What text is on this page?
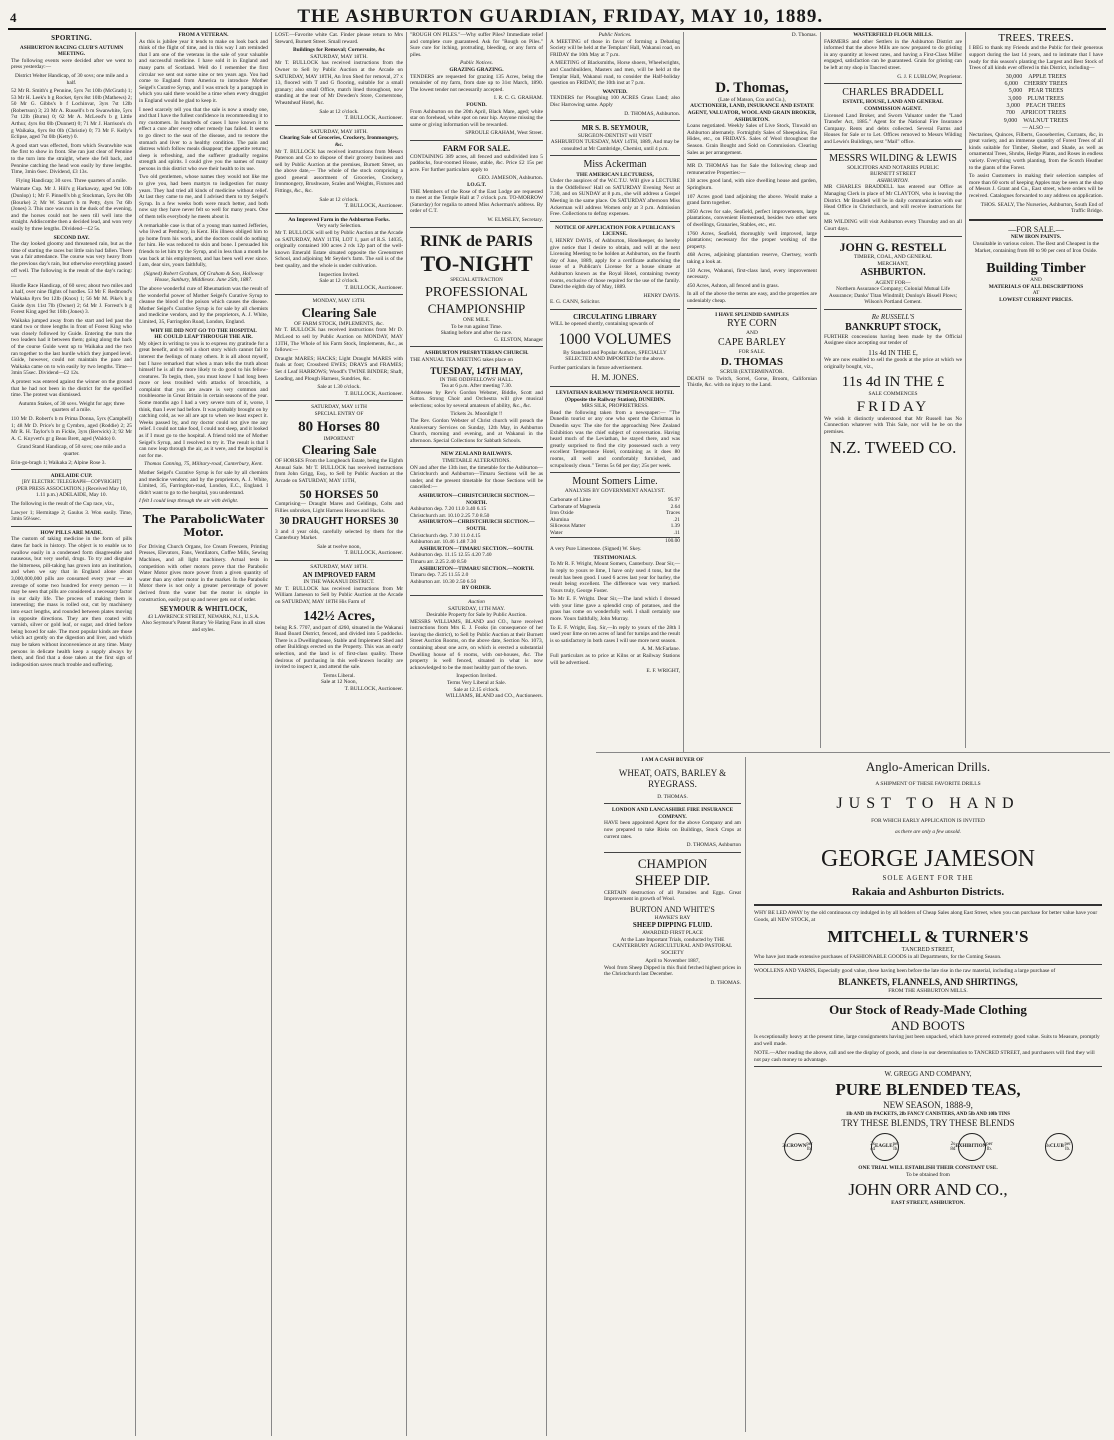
4	THE ASHBURTON GUARDIAN, FRIDAY, MAY 10, 1889.
SPORTING.
ASHBURTON RACING CLUB'S AUTUMN MEETING.

The following events were decided after we went to press yesterday:—

District Welter Handicap, of 30 sovs; one mile and a half.

52 Mr R. Smith's g Pennine, 5yrs 7st 10lb (McGrath) 1; 53 Mr H. Leek's b g Rocket, 6yrs 8st 10lb (Mathews) 2; 50 Mr G. Gibbs's b f Lochinvar, 3yrs 7st 12lb (Robertson) 3; 23 Mr A. Russell's b m Swanwhite, 5yrs 7st 12lb (Burns) 0; 62 Mr A. McLeod's b g Little Arthur, 4yrs 8st 0lb (Dunnett) 0; 71 Mr J. Harrison's ch g Waikaka, 6yrs 8st 0lb (Christie) 0; 73 Mr F. Kelly's Eclipse, aged 7st 0lb (Ketty) 0.

A good start was effected, from which Swanwhite was the first to show in front. She ran just clear of Pennine to the turn into the straight, where she fell back, and Pennine catching the head won easily by three lengths. Time, 3min 6sec. Dividend, £3 13s.

Flying Handicap; 30 sovs. Three quarters of a mile.

Waimate Cup. Mr J. Hill's g Harkaway, aged 9st 10lb (Dunlop) 1; Mr F. Pinnell's bh g Stockman, 5yrs 8st 0lb (Bourke) 2; Mr W. Stuart's b m Petty, 4yrs 7st 6lb (Jones) 3. This race was run in the dusk of the evening, and the horses could not be seen till well into the straight. Addiscombe then a decided lead, and won very easily by three lengths. Dividend—£2 5s.

SECOND DAY.

The day looked gloomy and threatened rain, but as the time of starting the races but little rain had fallen. There was a fair attendance. The course was very heavy from the previous day's rain, but otherwise everything passed off well. The following is the result of the day's racing:—

Hurdle Race Handicap, of 60 sovs; about two miles and a half, over nine flights of hurdles. 53 Mr F. Redmond's Waikaka 8yrs 9st 12lb (Knox) 1; 56 Mr M. Pike's b g Guide 4yrs 11st 7lb (Owner) 2; 64 Mr J. Forrest's b g Forest King aged 9st 10lb (Jones) 3.

Waikaka jumped away from the start and led past the stand two or three lengths in front of Forest King who was closely followed by Guide. Entering the turn the two leaders had it between them; going along the back of the course Guide went up to Waikaka and the two ran together to the last hurdle which they jumped level. Guide, however, could not maintain the pace and Waikaka came on to win easily by two lengths. Time—3min 55sec. Dividend—£2 12s.

A protest was entered against the winner on the ground that he had not been in the district for the specified time. The protest was dismissed.

Autumn Stakes, of 30 sovs. Weight for age; three quarters of a mile.

110 Mr D. Robert's b m Prima Donna, 5yrs (Campbell) 1; 48 Mr D. Price's br g Cymbro, aged (Roddie) 2; 25 Mr R. H. Taylor's b m Fickle, 3yrs (Berwick) 3; 92 Mr A. C. Knyvett's gr g Beau Brett, aged (Waldo) 0.

Grand Stand Handicap, of 50 sovs; one mile and a quarter.

Erin-go-bragh 1; Waikaka 2; Alpine Rose 3.

ADELAIDE CUP.
[BY ELECTRIC TELEGRAPH—COPYRIGHT]

(PER PRESS ASSOCIATION.) (Received May 10, 1.11 p.m.) ADELAIDE, May 10.

The following is the result of the Cup race, viz.,

Lawyer 1; Hermitage 2; Gaulus 3. Won easily. Time, 3min 56¼sec.

HOW PILLS ARE MADE.

The custom of taking medicine in the form of pills dates far back in history. The object is to enable us to swallow easily in a condensed form disagreeable and nauseous, but very useful, drugs. To try and disguise the bitterness, pill-taking has grown into an institution, and when we say that in England alone about 3,000,000,000 pills are consumed every year — an average of some two hundred for every person — it may be seen that pills are considered a necessary factor in our daily life. The process of making them is interesting; the mass is rolled out, cut by machinery into exact lengths, and rounded between plates moving in opposite directions. They are then coated with varnish, silver or gold leaf, or sugar, and dried before being boxed for sale. The most popular kinds are those which act gently on the digestion and liver, and which may be taken without inconvenience at any time. Many persons in delicate health keep a supply always by them, and find that a dose taken at the first sign of indisposition saves much trouble and suffering.

FROM A VETERAN.

As this is jubilee year it tends to make on look back and think of the flight of time, and in this way I am reminded that I am one of the veterans in the sale of your valuable and successful medicine. I have sold it in England and many parts of Scotland. Well do I remember the first circular we sent out some nine or ten years ago. You had come to England from America to introduce Mother Seigel's Curative Syrup, and I was struck by a paragraph in which you said there would be a time when every druggist in England would be glad to keep it.

I need scarcely tell you that the sale is now a steady one, and that I have the fullest confidence in recommending it to my customers. In hundreds of cases I have known it to effect a cure after every other remedy has failed. It seems to go direct to the seat of the disease, and to restore the stomach and liver to a healthy condition. The pain and distress which follow meals disappear; the appetite returns; sleep is refreshing, and the sufferer gradually regains strength and spirits. I could give you the names of many persons in this district who owe their health to its use.

Two old gentlemen, whose names they would not like me to give you, had been martyrs to indigestion for many years. They had tried all kinds of medicine without relief. At last they came to me, and I advised them to try Seigel's Syrup. In a few weeks both were much better, and both now say they have never felt so well for many years. One of them tells everybody he meets about it.

A remarkable case is that of a young man named Jefferies, who lived at Pembury, in Kent. His illness obliged him to go home from his work, and the doctors could do nothing for him. He was reduced to skin and bone. I persuaded his friends to let him try the Syrup, and in less than a month he was back at his employment, and has been well ever since. I am, dear sirs, yours faithfully,

(Signed) Robert Graham, Of Graham & Son, Holloway House, Sunbury, Middlesex. June 25th, 1887.

The above wonderful cure of Rheumatism was the result of the wonderful power of Mother Seigel's Curative Syrup to cleanse the blood of the poison which causes the disease. Mother Seigel's Curative Syrup is for sale by all chemists and medicine vendors, and by the proprietors, A. J. White, Limited, 35, Farringdon Road, London, England.

WHY HE DID NOT GO TO THE HOSPITAL
HE COULD LEAP THROUGH THE AIR.

My object in writing to you is to express my gratitude for a great benefit, and to tell a short story which cannot fail to interest the feelings of many others. It is all about myself, but I have remarked that when a man tells the truth about himself he is all the more likely to do good to his fellow-creatures. To begin, then, you must know I had long been more or less troubled with attacks of bronchitis, a complaint that you are aware is very common and troublesome in Great Britain in certain seasons of the year. Some months ago I had a very severe turn of it, worse, I think, than I ever had before. It was probably brought on by catching cold, as we all are apt to when we least expect it. Weeks passed by, and my doctor could not give me any relief. I could not take food, I could not sleep, and it looked as if I must go to the hospital. A friend told me of Mother Seigel's Syrup, and I resolved to try it. The result is that I can now leap through the air, as it were, and the hospital is not for me.

Thomas Canning, 75, Military-road, Canterbury, Kent.

Mother Seigel's Curative Syrup is for sale by all chemists and medicine vendors; and by the proprietors, A. J. White, Limited, 35, Farringdon-road, London, E.C., England. I didn't want to go to the hospital, you understand.

I felt I could leap through the air with delight.

The ParabolicWater Motor.

For Driving Church Organs, Ice Cream Freezers, Printing Presses, Elevators, Fans, Ventilators, Coffee Mills, Sewing Machines, and all light machinery. Actual tests in competition with other motors prove that the Parabolic Water Motor gives more power from a given quantity of water than any other motor in the market. In the Parabolic Motor there is not only a greater percentage of power derived from the water but the motor is simple in construction, easily put up and never gets out of order.

SEYMOUR & WHITLOCK,
43 LAWRENCE STREET, NEWARK, N.J., U.S.A.
Also Seymour's Patent Rotary Ve Hating Fans in all sizes and styles.

LOST.—Favorite white Cat. Finder please return to Mrs Steward, Burnett Street. Small reward.

Buildings for Removal; Cornersuite, &c
SATURDAY, MAY 18TH.

Mr T. BULLOCK has received instructions from the Owner to Sell by Public Auction at the Arcade on SATURDAY, MAY 18TH, An Iron Shed for removal, 27 x 13, floored with T and G flooring, suitable for a small granary; also small Office, match lined throughout, now standing at the rear of Mr Dowden's Store, Cornerstone, Wheatsheaf Hotel, &c.

Sale at 12 o'clock.
T. BULLOCK, Auctioneer.
SATURDAY, MAY 18TH.
Clearing Sale of Groceries, Crockery, Ironmongery, &c.

Mr T. BULLOCK has received instructions from Messrs Paterson and Co to dispose of their grocery business and sell by Public Auction at the premises, Burnett Street, on the above date,— The whole of the stock comprising a good general assortment of Groceries, Crockery, Ironmongery, Brushware, Scales and Weights, Fixtures and Fittings, &c., &c.

Sale at 12 o'clock.
T. BULLOCK, Auctioneer.
An Improved Farm in the Ashburton Forks.
Very early Selection.

Mr T. BULLOCK will sell by Public Auction at the Arcade on SATURDAY, MAY 11TH, LOT 1, part of R.S. 14035, originally contained 100 acres 2 rds 12p part of the well-known Emerald Estate situated opposite the Greenstreet School, and adjoining Mr Seyder's farm. The soil is of the best quality, and the whole is under cultivation.

Inspection Invited.
Sale at 12 o'clock.
T. BULLOCK, Auctioneer.
MONDAY, MAY 13TH.
Clearing Sale
OF FARM STOCK, IMPLEMENTS, &c.

Mr T. BULLOCK has received instructions from Mr D. McLeod to sell by Public Auction on MONDAY, MAY 13TH, The Whole of his Farm Stock, Implements, &c., as follows:—

Draught MARES; HACKS; Light Draught MARES with foals at foot; Crossbred EWES; DRAYS and FRAMES; Set 4 Leaf HARROWS; Woodf's TWINE BINDER; Shaft, Leading, and Plough Harness, Sundries, &c.

Sale at 1.30 o'clock.
T. BULLOCK, Auctioneer.
SATURDAY, MAY 11TH
SPECIAL ENTRY OF
80 Horses 80
IMPORTANT
Clearing Sale

OF HORSES From the Longbeach Estate, being the Eighth Annual Sale. Mr T. BULLOCK has received instructions from John Grigg, Esq., to Sell by Public Auction at the Arcade on SATURDAY, MAY 11TH,

50 HORSES 50

Comprising— Draught Mares and Geldings, Colts and Fillies unbroken, Light Harness Horses and Hacks.

30 DRAUGHT HORSES 30

3 and 4 year olds, carefully selected by them for the Canterbury Market.

Sale at twelve noon,
T. BULLOCK, Auctioneer.
SATURDAY, MAY 18TH.
AN IMPROVED FARM
IN THE WAKANUI DISTRICT.

Mr T. BULLOCK has received instructions from Mr William Jameson to Sell by Public Auction at the Arcade on SATURDAY, MAY 18TH His Farm of

142½ Acres,

being R.S. 7707, and part of 4260, situated in the Wakanui Road Board District, fenced, and divided into 5 paddocks. There is a Dwellinghouse, Stable and Implement Shed and other Buildings erected on the Property. This was an early selection, and the land is of first-class quality. Those desirous of purchasing in this well-known locality are invited to inspect it, and attend the sale.

Terms Liberal.
Sale at 12 Noon,
T. BULLOCK, Auctioneer.

"ROUGH ON PILES."—Why suffer Piles? Immediate relief and complete cure guaranteed. Ask for "Rough on Piles." Sure cure for itching, protruding, bleeding, or any form of piles.

Public Notices.
GRAZING GRAZING.

TENDERS are requested for grazing 135 Acres, being the remainder of my farm, from date up to 31st March, 1890. The lowest tender not necessarily accepted.

I. R. C. G. GRAHAM.
FOUND.

From Ashburton on the 20th April, Black Mare, aged; white star on forehead, white spot on near hip. Anyone missing the same or giving information will be rewarded.

SPROULE GRAHAM, West Street.
FARM FOR SALE.

CONTAINING 389 acres, all fenced and subdivided into 5 paddocks, four-roomed House, stable, &c. Price £2 15s per acre. For further particulars apply to

GEO. JAMESON, Ashburton.
I.O.G.T.

THE Members of the Rose of the East Lodge are requested to meet at the Temple Hall at 7 o'clock p.m. TO-MORROW (Saturday) for regalia to attend Miss Ackerman's address. By order of C.T.

W. ELMSLEY, Secretary.
RINK de PARIS
TO-NIGHT
SPECIAL ATTRACTION
PROFESSIONAL
CHAMPIONSHIP
ONE MILE.
To be run against Time.
Skating before and after the race.
G. ELSTON, Manager
ASHBURTON PRESBYTERIAN CHURCH.

THE ANNUAL TEA MEETING takes place on

TUESDAY, 14TH MAY,
IN THE ODDFELLOWS' HALL.
Tea at 6 p.m. After meeting 7.30.

Addresses by Rev's Gordon Webster, Biddle, Scott and Sutton. Strong Choir and Orchestra will give musical selections; solos by several amateurs of ability, &c., &c.

Tickets 2s. Moonlight !!

The Rev. Gordon Webster of Christ church will preach the Anniversary Services on Sunday, 12th May, in Ashburton Church, morning and evening, and at Wakanui in the afternoon. Special Collections for Sabbath Schools.

NEW ZEALAND RAILWAYS.
TIMETABLE ALTERATIONS.

ON and after the 13th inst, the timetable for the Ashburton—Christchurch and Ashburton—Timaru Sections will be as under, and the present timetable for those Sections will be cancelled:—

ASHBURTON—CHRISTCHURCH SECTION.—NORTH.
Ashburton dep. 7.20 11.0 3.40 6.15
Christchurch arr. 10.10 2.25 7.0 8.50
ASHBURTON—CHRISTCHURCH SECTION.—SOUTH.
Christchurch dep. 7.10 11.0 4.15
Ashburton arr. 10.46 1.48 7.30
ASHBURTON—TIMARU SECTION.—SOUTH.
Ashburton dep. 11.15 12.55 4.20 7.40
Timaru arr. 2.25 2.40 8.50
ASHBURTON—TIMARU SECTION.—NORTH.
Timaru dep. 7.25 11.55 2.0
Ashburton arr. 10.30 2.50 6.50
BY ORDER.
Auction
SATURDAY, 11TH MAY.
Desirable Property for Sale by Public Auction.

MESSRS WILLIAMS, BLAND and CO., have received instructions from Mrs E. J. Fooks (in consequence of her leaving the district), to Sell by Public Auction at their Burnett Street Auction Rooms, on the above date, Section No. 1073, containing about one acre, on which is erected a substantial Dwelling house of 6 rooms, with out-houses, &c. The property is well fenced, situated in what is now acknowledged to be the most healthy part of the town.

Inspection Invited.
Terms Very Liberal at Sale.
Sale at 12.15 o'clock.
WILLIAMS, BLAND and CO., Auctioneers.
Public Notices.

A MEETING of those in favor of forming a Debating Society will be held at the Templars' Hall, Wakanui road, on FRIDAY the 10th May at 7 p.m.

A MEETING of Blacksmiths, Horse shoers, Wheelwrights, and Coachbuilders, Masters and men, will be held at the Templar Hall, Wakanui road, to consider the Half-holiday question on FRIDAY, the 10th inst at 7 p.m.

WANTED.

TENDERS for Ploughing 100 ACRES Grass Land; also Disc Harrowing same. Apply

D. THOMAS, Ashburton.
MR S. B. SEYMOUR,
SURGEON-DENTIST will VISIT

ASHBURTON TUESDAY, MAY 14TH, 1889, And may be consulted at Mr Cambridge, Chemist, until 4 p.m.

Miss Ackerman
THE AMERICAN LECTURESS,

Under the auspices of the W.C.T.U. Will give a LECTURE in the Oddfellows' Hall on SATURDAY Evening Next at 7.30, and on SUNDAY at 8 p.m., she will address a Gospel Meeting in the same place. On SATURDAY afternoon Miss Ackerman will address Women only at 3 p.m. Admission Free. Collections to defray expenses.

NOTICE OF APPLICATION FOR A PUBLICAN'S LICENSE.

I, HENRY DAVIS, of Ashburton, Hotelkeeper, do hereby give notice that I desire to obtain, and will at the next Licensing Meeting to be holden at Ashburton, on the fourth day of June, 1889, apply for a certificate authorising the issue of a Publican's License for a house situate at Ashburton known as the Royal Hotel, containing twenty rooms, exclusive of those required for the use of the family. Dated the eighth day of May, 1889.

HENRY DAVIS.
E. G. CANN, Solicitor.
CIRCULATING LIBRARY

WILL be opened shortly, containing upwards of

1000 VOLUMES

By Standard and Popular Authors, SPECIALLY SELECTED AND IMPORTED for the above.

Further particulars in future advertisement.

H. M. JONES.
LEVIATHAN RAILWAY TEMPERANCE HOTEL (Opposite the Railway Station), DUNEDIN.
MRS SILK, PROPRIETRESS.

Read the following taken from a newspaper:— "The Dunedin tourist or any one who spent the Christmas in Dunedin says: The site for the approaching New Zealand Exhibition was the chief subject of conversation. Having heard much of the Leviathan, he stayed there, and was greatly surprised to find the city possessed such a very excellent Temperance Hotel, containing as it does 80 rooms, all well and comfortably furnished, and scrupulously clean." Terms 5s 6d per day; 25s per week.

Mount Somers Lime.
ANALYSIS BY GOVERNMENT ANALYST.
Carbonate of Lime	95.97
Carbonate of Magnesia	2.64
Iron Oxide	Traces
Alumina	.21
Siliceous Matter	1.39
Water	.11
100.00

A very Pure Limestone. (Signed) W. Skey.

TESTIMONIALS.

To Mr R. F. Wright, Mount Somers, Canterbury. Dear Sir,—In reply to yours re lime, I have only used 4 tons, but the result has been good. I used 6 acres last year for barley, the result being excellent. The difference was very marked. Yours truly, George Foster.

To Mr E. F. Wright. Dear Sir,—The land which I dressed with your lime gave a splendid crop of potatoes, and the grass has come on wonderfully well. I shall certainly use more. Yours faithfully, John Murray.

To E. F. Wright, Esq. Sir,—In reply to yours of the 28th I used your lime on ten acres of land for turnips and the result is so satisfactory in both cases I will use more next season.

A. M. McFarlane.

Full particulars as to price at Kilns or at Railway Stations will be advertised.

E. F. WRIGHT,
D. Thomas.
D. Thomas,
(Late of Matson, Cox and Co.),
AUCTIONEER, LAND, INSURANCE AND ESTATE AGENT, VALUATOR, WOOL AND GRAIN BROKER, ASHBURTON.

Loans negotiated. Weekly Sales of Live Stock, Tinwald on Ashburton alternately. Fortnightly Sales of Sheepskins, Fat Hides, etc., on FRIDAYS. Sales of Wool throughout the Season. Grain Bought and Sold on Commission. Clearing Sales as per arrangement.

MR D. THOMAS has for Sale the following cheap and remunerative Properties:—

138 acres good land, with nice dwelling house and garden, Springburn.

107 Acres good land adjoining the above. Would make a grand farm together.

2050 Acres for sale, Seafield, perfect improvements, large plantations, convenient Homestead, besides two other sets of dwellings, Granaries, Stables, etc., etc.

1760 Acres, Seafield, thoroughly well improved, large plantations; necessary for the proper working of the property.

468 Acres, adjoining plantation reserve, Chertsey, worth taking a look at.

150 Acres, Wakanui, first-class land, every improvement necessary.

450 Acres, Ashton, all fenced and in grass.

In all of the above the terms are easy, and the properties are undeniably cheap.

I HAVE SPLENDID SAMPLES
RYE CORN
AND
CAPE BARLEY
FOR SALE.
D. THOMAS
SCRUB (EXTERMINATOR.

DEATH to Twitch, Sorrel, Gorse, Broom, Californian Thistle, &c. with no injury to the Land.

WASTERFIELD FLOUR MILLS.

FARMERS and other Settlers in the Ashburton District are informed that the above Mills are now prepared to do gristing in any quantity at lowest rates, and having a First-Class Miller engaged, satisfaction can be guaranteed. Grain for gristing can be left at my shop in Tancred street.

G. J. F. LUBLOW, Proprietor.
CHARLES BRADDELL
ESTATE, HOUSE, LAND AND GENERAL COMMISSION AGENT.

Licensed Land Broker, and Sworn Valuator under the "Land Transfer Act, 1885." Agent for the National Fire Insurance Company. Rents and debts collected. Several Farms and Houses for Sale or to Let. Offices removed to Messrs Wilding and Lewis's Buildings, next "Mail" office.

MESSRS WILDING & LEWIS
SOLICITORS AND NOTARIES PUBLIC
BURNETT STREET
ASHBURTON.

MR CHARLES BRADDELL has entered our Office as Managing Clerk in place of Mr CLAYTON, who is leaving the District. Mr Braddell will be in daily communication with our Head Office in Christchurch, and will receive instructions for us.

MR WILDING will visit Ashburton every Thursday and on all Court days.

JOHN G. RESTELL
TIMBER, COAL, AND GENERAL
MERCHANT,
ASHBURTON.
AGENT FOR—

Northern Assurance Company; Colonial Mutual Life Assurance; Danks' Titan Windmill; Dunlop's Bissell Plows; Wilson's Portland Cement.

Re RUSSELL'S
BANKRUPT STOCK,

FURTHER concessions having been made by the Official Assignee since accepting our tender of

11s 4d IN THE £,

We are now enabled to sell the goods at the price at which we originally bought, viz.,

11s 4d IN THE £
SALE COMMENCES
FRIDAY

We wish it distinctly understood that Mr Russell has No Connection whatever with This Sale, nor will he be on the premises.

N.Z. TWEED CO.
TREES. TREES.

I BEG to thank my Friends and the Public for their generous support during the last 14 years, and to intimate that I have ready for this season's planting the Largest and Best Stock of Trees of all kinds ever offered in this District, including—

30,000 APPLE TREES
6,000 CHERRY TREES
5,000 PEAR TREES
3,000 PLUM TREES
3,000 PEACH TREES
700 APRICOT TREES
9,000 WALNUT TREES
— ALSO —

Nectarines, Quinces, Filberts, Gooseberries, Currants, &c, in great variety, and an immense quantity of Forest Trees of all kinds suitable for Timber, Shelter, and Shade, as well as ornamental Trees, Shrubs, Hedge Plants, and Roses in endless variety. Everything worth planting, from the Scotch Heather to the giants of the Forest.

To assist Customers in making their selection samples of more than 60 sorts of keeping Apples may be seen at the shop of Messrs J. Grant and Co., East street, where orders will be received. Catalogues forwarded to any address on application.

THOS. SEALY, The Nurseries, Ashburton, South End of Traffic Bridge.
—FOR SALE.—
NEW IRON PAINTS.

Unsuitable in various colors. The Best and Cheapest in the Market, containing from 80 to 90 per cent of Iron Oxide.

Building Timber
AND
MATERIALS OF ALL DESCRIPTIONS
AT
LOWEST CURRENT PRICES.
I AM A CASH BUYER OF
WHEAT, OATS, BARLEY & RYEGRASS.
D. THOMAS.
LONDON AND LANCASHIRE FIRE INSURANCE COMPANY.

HAVE been appointed Agent for the above Company and am now prepared to take Risks on Buildings, Stock Crops at current rates.

D. THOMAS, Ashburton
CHAMPION
SHEEP DIP.

CERTAIN destruction of all Parasites and Eggs. Great Improvement in growth of Wool.

BURTON AND WHITE'S
HAWKE'S BAY
SHEEP DIPPING FLUID.
AWARDED FIRST PLACE

At the Late Important Trials, conducted by THE CANTERBURY AGRICULTURAL AND PASTORAL SOCIETY

April to November 1887,

Wool from Sheep Dipped in this fluid fetched highest prices in the Christchurch last December.

D. THOMAS.
Anglo-American Drills.
A SHIPMENT OF THESE FAVORITE DRILLS
JUST TO HAND
FOR WHICH EARLY APPLICATION IS INVITED
as there are only a few unsold.
GEORGE JAMESON
SOLE AGENT FOR THE
Rakaia and Ashburton Districts.

WHY BE LED AWAY by the old continuous cry indulged in by all holders of Cheap Sales along East Street, when you can purchase for better value have your Goods, all NEW STOCK, at

MITCHELL & TURNER'S
TANCRED STREET,

Who have just made extensive purchases of FASHIONABLE GOODS in all Departments, for the Coming Season.

WOOLLENS AND YARNS, Especially good value, these having been before the late rise in the raw material, including a large purchase of

BLANKETS, FLANNELS, AND SHIRTINGS,
FROM THE ASHBURTON MILLS.
Our Stock of Ready-Made Clothing
AND BOOTS

Is exceptionally heavy at the present time, large consignments having just been unpacked, which have proved extremely good value. Suits to Measure, promptly and well made.

NOTE.—After reading the above, call and see the display of goods, and close in our determination to TANCRED STREET, and purchasers will find they will not pay cash money to advantage.

W. GREGG AND COMPANY,
PURE BLENDED TEAS,
NEW SEASON, 1888-9,
1lb AND 1lb PACKETS, 2lb FANCY CANISTERS, AND 5lb AND 10lb TINS
TRY THESE BLENDS, TRY THESE BLENDS
2s CROWN
per lb.
2s 4d
EAGLE
per lb.
2s 8d
EXHIBITION
per lb.
3s CLUB
per lb.
ONE TRIAL WILL ESTABLISH THEIR CONSTANT USE.
To be obtained from
JOHN ORR AND CO.,
EAST STREET, ASHBURTON.
